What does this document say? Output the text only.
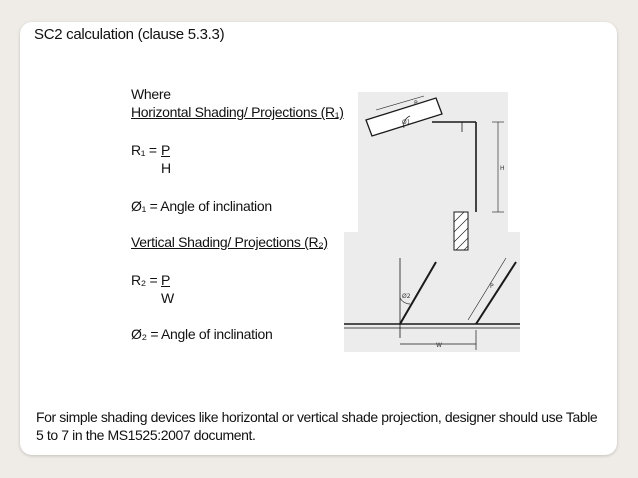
SC2 calculation (clause 5.3.3)
Where
Horizontal Shading/ Projections (R₁)
$R_1 = \frac{P}{H}$
Ø₁ = Angle of inclination
Vertical Shading/ Projections (R₂)
$R_2 = \frac{P}{W}$
Ø₂ = Angle of inclination
Ø1
P
H
Ø2
P
W
For simple shading devices like horizontal or vertical shade projection, designer should use Table 5 to 7 in the MS1525:2007 document.
